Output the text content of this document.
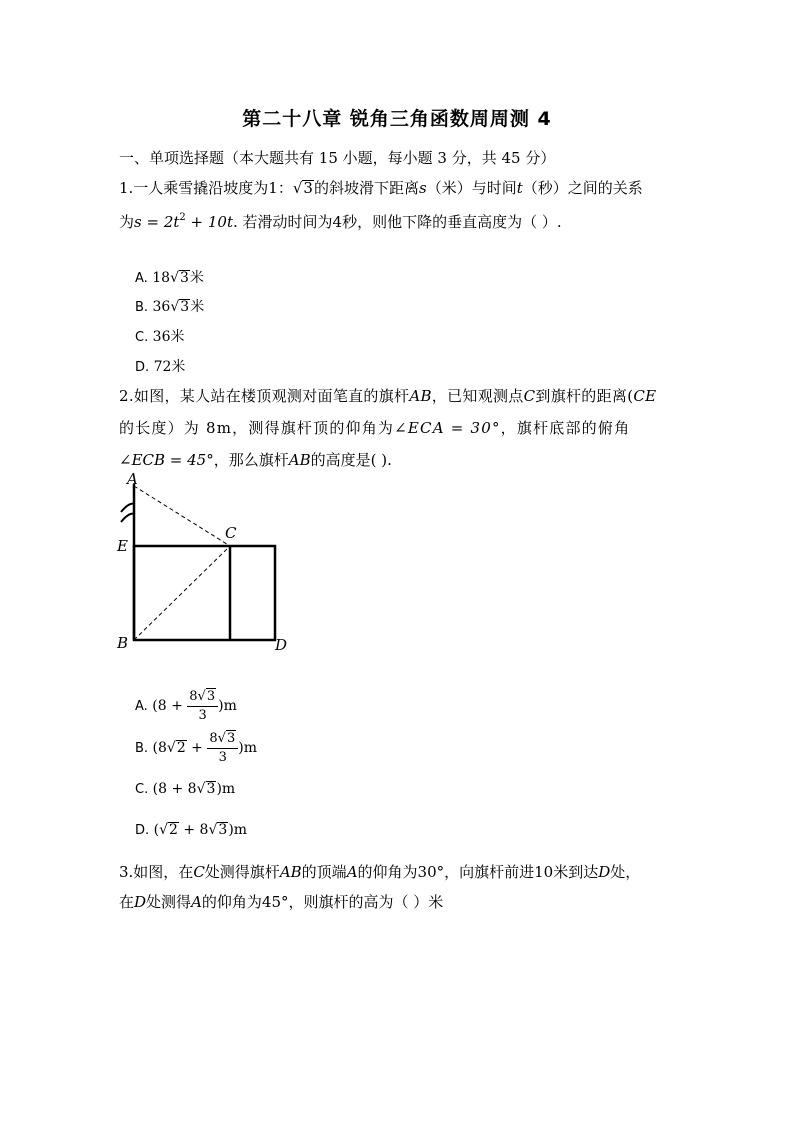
第二十八章 锐角三角函数周周测 4
一、单项选择题（本大题共有 15 小题，每小题 3 分，共 45 分）
1.一人乘雪撬沿坡度为1：√3的斜坡滑下距离s（米）与时间t（秒）之间的关系
为$s = 2t^2 + 10t$. 若滑动时间为4秒，则他下降的垂直高度为（ ）.
A. 18√3米
B. 36√3米
C. 36米
D. 72米
2.如图，某人站在楼顶观测对面笔直的旗杆AB，已知观测点C到旗杆的距离(CE
的长度）为 8m，测得旗杆顶的仰角为∠ECA = 30°，旗杆底部的俯角
∠ECB = 45°，那么旗杆AB的高度是( ).
A
C
E
B	D
A. $(8 + \frac{8√3}{3} )m$
B. $(8√2 + \frac{8√3}{3} )m$
C. (8 + 8√3)m
D. (√2 + 8√3)m
3.如图，在C处测得旗杆AB的顶端A的仰角为30°，向旗杆前进10米到达D处，
在D处测得A的仰角为45°，则旗杆的高为（ ）米
